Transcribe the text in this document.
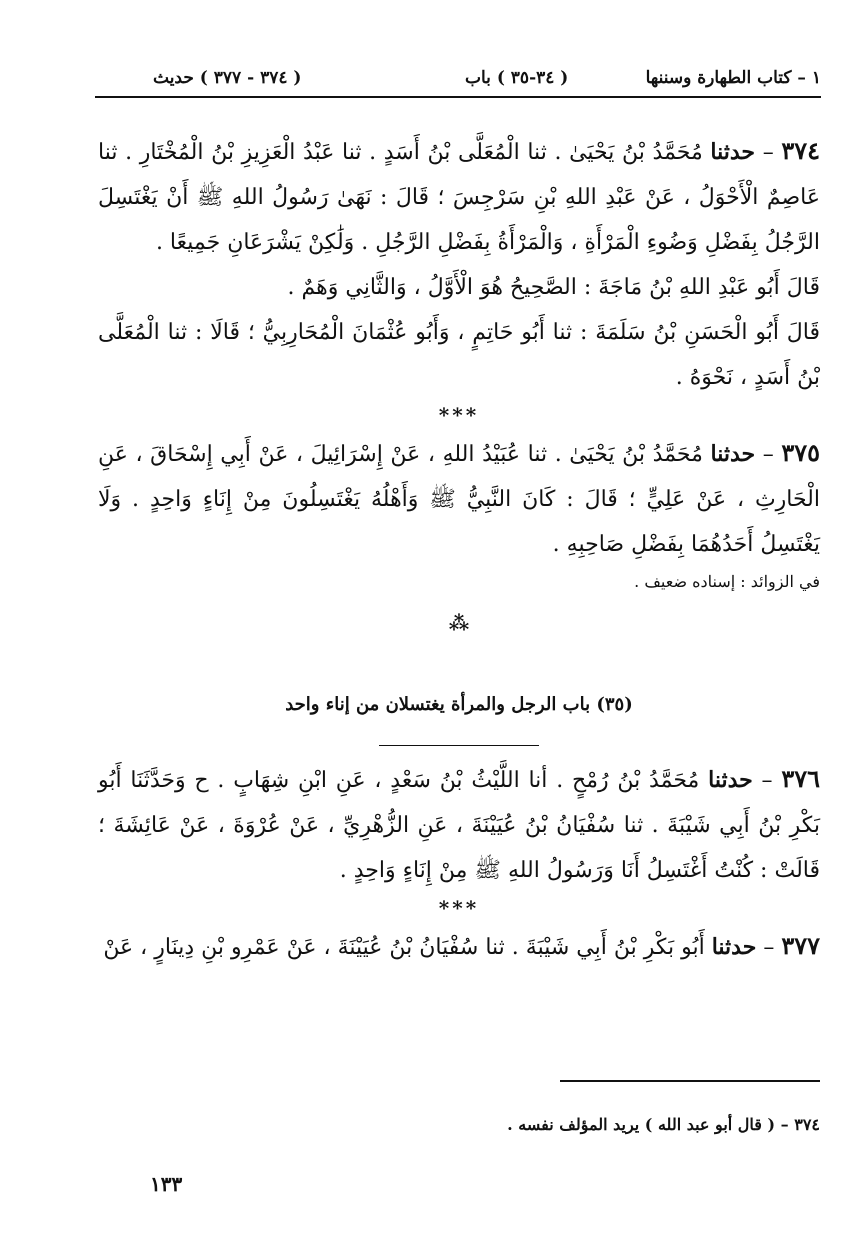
١ – كتاب الطهارة وسننها
( ٣٤-٣٥ ) باب
( ٣٧٤ - ٣٧٧ ) حديث

٣٧٤ – حدثنا مُحَمَّدُ بْنُ يَحْيَىٰ . ثنا الْمُعَلَّى بْنُ أَسَدٍ . ثنا عَبْدُ الْعَزِيزِ بْنُ الْمُخْتَارِ . ثنا عَاصِمٌ الْأَحْوَلُ ، عَنْ عَبْدِ اللهِ بْنِ سَرْجِسَ ؛ قَالَ : نَهَىٰ رَسُولُ اللهِ ﷺ أَنْ يَغْتَسِلَ الرَّجُلُ بِفَضْلِ وَضُوءِ الْمَرْأَةِ ، وَالْمَرْأَةُ بِفَضْلِ الرَّجُلِ . وَلَٰكِنْ يَشْرَعَانِ جَمِيعًا .

قَالَ أَبُو عَبْدِ اللهِ بْنُ مَاجَةَ : الصَّحِيحُ هُوَ الْأَوَّلُ ، وَالثَّانِي وَهَمٌ .

قَالَ أَبُو الْحَسَنِ بْنُ سَلَمَةَ : ثنا أَبُو حَاتِمٍ ، وَأَبُو عُثْمَانَ الْمُحَارِبِيُّ ؛ قَالَا : ثنا الْمُعَلَّى بْنُ أَسَدٍ ، نَحْوَهُ .

***

٣٧٥ – حدثنا مُحَمَّدُ بْنُ يَحْيَىٰ . ثنا عُبَيْدُ اللهِ ، عَنْ إِسْرَائِيلَ ، عَنْ أَبِي إِسْحَاقَ ، عَنِ الْحَارِثِ ، عَنْ عَلِيٍّ ؛ قَالَ : كَانَ النَّبِيُّ ﷺ وَأَهْلُهُ يَغْتَسِلُونَ مِنْ إِنَاءٍ وَاحِدٍ . وَلَا يَغْتَسِلُ أَحَدُهُمَا بِفَضْلِ صَاحِبِهِ .

في الزوائد : إسناده ضعيف .

⁂

(٣٥) باب الرجل والمرأة يغتسلان من إناء واحد

٣٧٦ – حدثنا مُحَمَّدُ بْنُ رُمْحٍ . أنا اللَّيْثُ بْنُ سَعْدٍ ، عَنِ ابْنِ شِهَابٍ . ح وَحَدَّثَنَا أَبُو بَكْرِ بْنُ أَبِي شَيْبَةَ . ثنا سُفْيَانُ بْنُ عُيَيْنَةَ ، عَنِ الزُّهْرِيِّ ، عَنْ عُرْوَةَ ، عَنْ عَائِشَةَ ؛ قَالَتْ : كُنْتُ أَغْتَسِلُ أَنَا وَرَسُولُ اللهِ ﷺ مِنْ إِنَاءٍ وَاحِدٍ .

***

٣٧٧ – حدثنا أَبُو بَكْرِ بْنُ أَبِي شَيْبَةَ . ثنا سُفْيَانُ بْنُ عُيَيْنَةَ ، عَنْ عَمْرِو بْنِ دِينَارٍ ، عَنْ

٣٧٤ – ( قال أبو عبد الله ) يريد المؤلف نفسه .
١٣٣
